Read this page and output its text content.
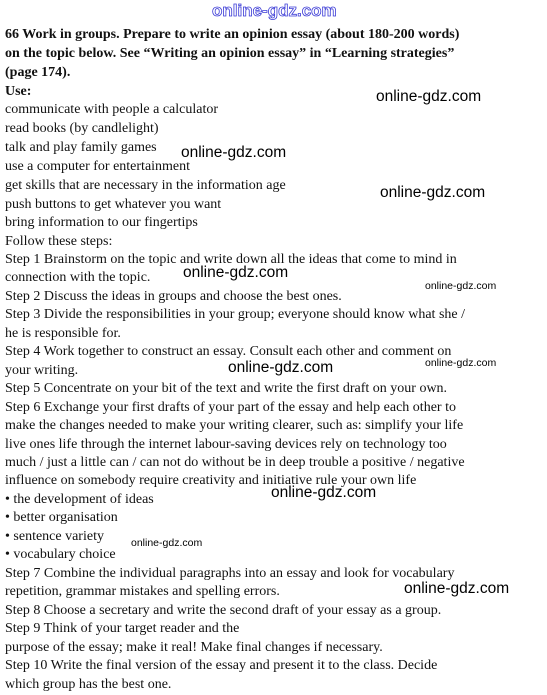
online-gdz.com

66 Work in groups. Prepare to write an opinion essay (about 180-200 words)

on the topic below. See “Writing an opinion essay” in “Learning strategies”

(page 174).

Use:

communicate with people a calculator

read books (by candlelight)

talk and play family games

use a computer for entertainment

get skills that are necessary in the information age

push buttons to get whatever you want

bring information to our fingertips

Follow these steps:

Step 1 Brainstorm on the topic and write down all the ideas that come to mind in

connection with the topic.

Step 2 Discuss the ideas in groups and choose the best ones.

Step 3 Divide the responsibilities in your group; everyone should know what she /

he is responsible for.

Step 4 Work together to construct an essay. Consult each other and comment on

your writing.

Step 5 Concentrate on your bit of the text and write the first draft on your own.

Step 6 Exchange your first drafts of your part of the essay and help each other to

make the changes needed to make your writing clearer, such as: simplify your life

live ones life through the internet labour-saving devices rely on technology too

much / just a little can / can not do without be in deep trouble a positive / negative

influence on somebody require creativity and initiative rule your own life

• the development of ideas

• better organisation

• sentence variety

• vocabulary choice

Step 7 Combine the individual paragraphs into an essay and look for vocabulary

repetition, grammar mistakes and spelling errors.

Step 8 Choose a secretary and write the second draft of your essay as a group.

Step 9 Think of your target reader and the

purpose of the essay; make it real! Make final changes if necessary.

Step 10 Write the final version of the essay and present it to the class. Decide

which group has the best one.

online-gdz.com
online-gdz.com
online-gdz.com
online-gdz.com
online-gdz.com
online-gdz.com	online-gdz.com
online-gdz.com
online-gdz.com
online-gdz.com
